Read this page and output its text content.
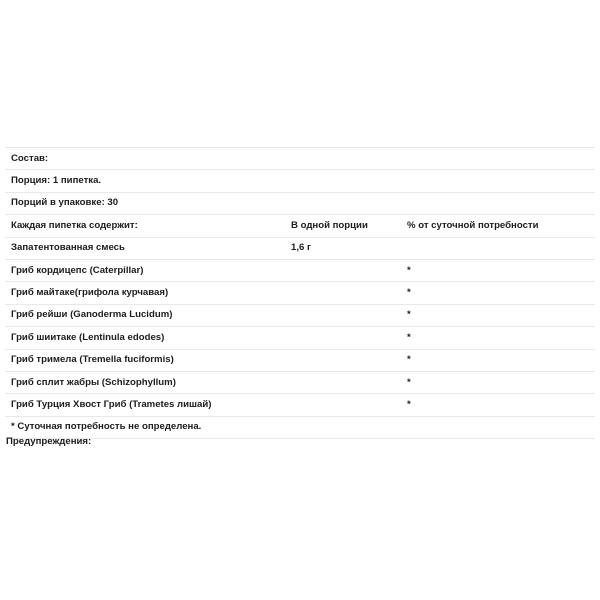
Состав:		
Порция: 1 пипетка.		
Порций в упаковке: 30		
Каждая пипетка содержит:	В одной порции	% от суточной потребности
Запатентованная смесь	1,6 г	
Гриб кордицепс (Caterpillar)		*
Гриб майтаке(грифола курчавая)		*
Гриб рейши (Ganoderma Lucidum)		*
Гриб шиитаке (Lentinula edodes)		*
Гриб тримела (Tremella fuciformis)		*
Гриб сплит жабры (Schizophyllum)		*
Гриб Турция Хвост Гриб (Trametes лишай)		*
* Суточная потребность не определена.		

Предупреждения:
